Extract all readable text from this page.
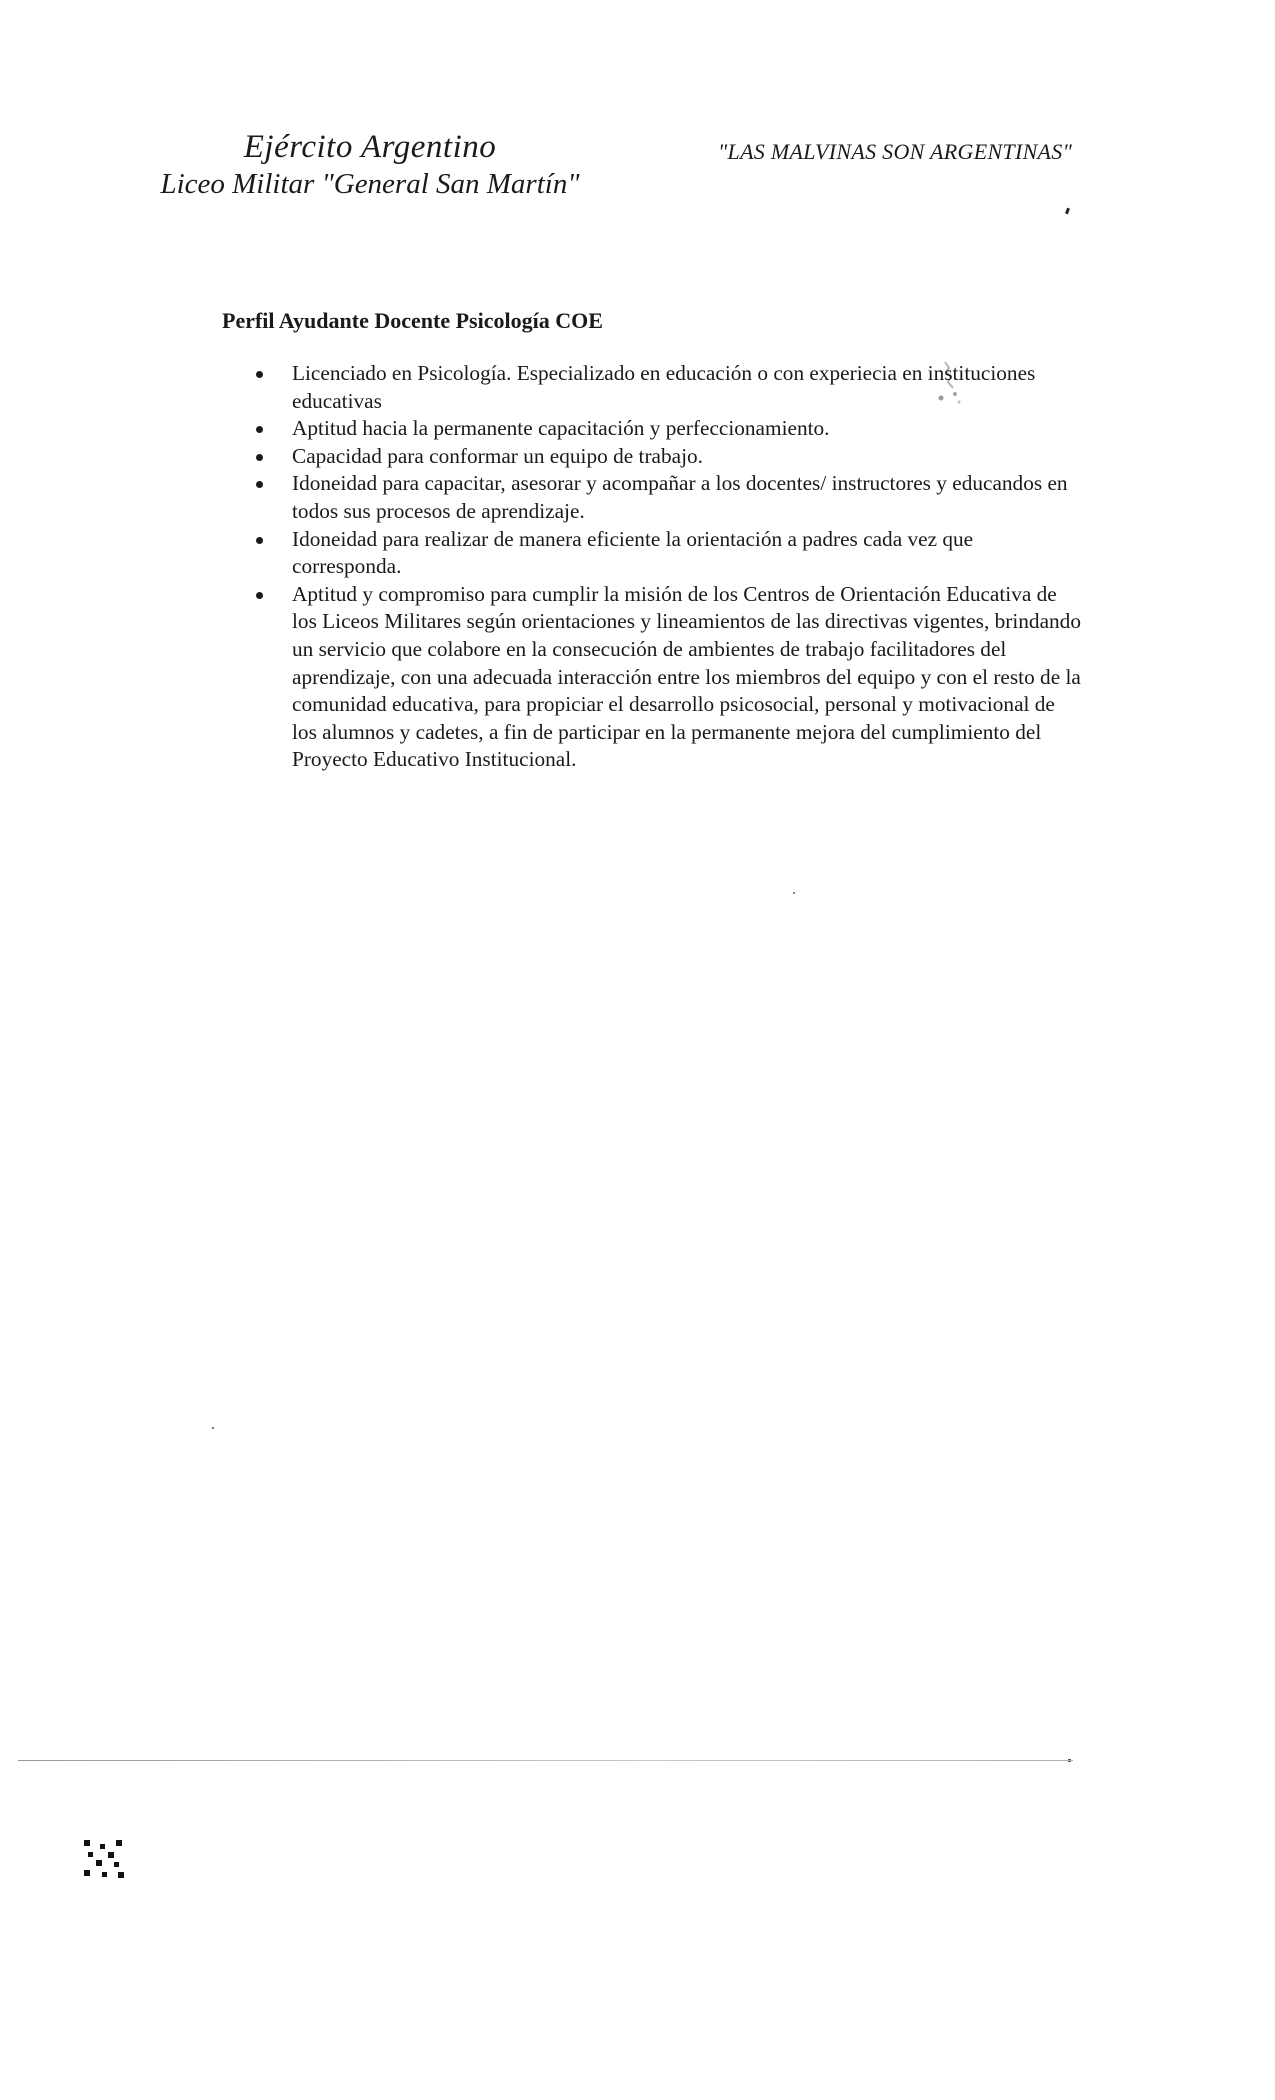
Ejército Argentino
Liceo Militar "General San Martín"
"LAS MALVINAS SON ARGENTINAS"
Perfil Ayudante Docente Psicología COE
Licenciado en Psicología. Especializado en educación o con experiecia en instituciones educativas
Aptitud hacia la permanente capacitación y perfeccionamiento.
Capacidad para conformar un equipo de trabajo.
Idoneidad para capacitar, asesorar y acompañar a los docentes/ instructores y educandos en todos sus procesos de aprendizaje.
Idoneidad para realizar de manera eficiente la orientación a padres cada vez que corresponda.
Aptitud y compromiso para cumplir la misión de los Centros de Orientación Educativa de los Liceos Militares según orientaciones y lineamientos de las directivas vigentes, brindando un servicio que colabore en la consecución de ambientes de trabajo facilitadores del aprendizaje, con una adecuada interacción entre los miembros del equipo y con el resto de la comunidad educativa, para propiciar el desarrollo psicosocial, personal y motivacional de los alumnos y cadetes, a fin de participar en la permanente mejora del cumplimiento del Proyecto Educativo Institucional.
